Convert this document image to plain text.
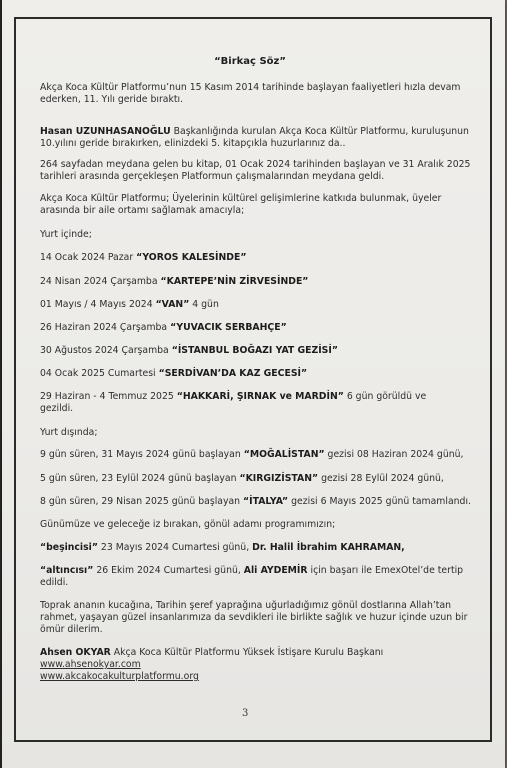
“Birkaç Söz”

Akça Koca Kültür Platformu’nun 15 Kasım 2014 tarihinde başlayan faaliyetleri hızla devam ederken, 11. Yılı geride bıraktı.

Hasan UZUNHASANOĞLU Başkanlığında kurulan Akça Koca Kültür Platformu, kuruluşunun 10.yılını geride bırakırken, elinizdeki 5. kitapçıkla huzurlarınız da..

264 sayfadan meydana gelen bu kitap, 01 Ocak 2024 tarihinden başlayan ve 31 Aralık 2025 tarihleri arasında gerçekleşen Platformun çalışmalarından meydana geldi.

Akça Koca Kültür Platformu; Üyelerinin kültürel gelişimlerine katkıda bulunmak, üyeler arasında bir aile ortamı sağlamak amacıyla;

Yurt içinde;

14 Ocak 2024 Pazar “YOROS KALESİNDE”

24 Nisan 2024 Çarşamba “KARTEPE’NİN ZİRVESİNDE”

01 Mayıs / 4 Mayıs 2024 “VAN” 4 gün

26 Haziran 2024 Çarşamba “YUVACIK SERBAHÇE”

30 Ağustos 2024 Çarşamba “İSTANBUL BOĞAZI YAT GEZİSİ”

04 Ocak 2025 Cumartesi “SERDİVAN’DA KAZ GECESİ”

29 Haziran - 4 Temmuz 2025 “HAKKARİ, ŞIRNAK ve MARDİN” 6 gün görüldü ve gezildi.

Yurt dışında;

9 gün süren, 31 Mayıs 2024 günü başlayan “MOĞALİSTAN” gezisi 08 Haziran 2024 günü,

5 gün süren, 23 Eylül 2024 günü başlayan “KIRGIZİSTAN” gezisi 28 Eylül 2024 günü,

8 gün süren, 29 Nisan 2025 günü başlayan “İTALYA” gezisi 6 Mayıs 2025 günü tamamlandı.

Günümüze ve geleceğe iz bırakan, gönül adamı programımızın;

“beşincisi” 23 Mayıs 2024 Cumartesi günü, Dr. Halil İbrahim KAHRAMAN,

“altıncısı” 26 Ekim 2024 Cumartesi günü, Ali AYDEMİR için başarı ile EmexOtel’de tertip edildi.

Toprak ananın kucağına, Tarihin şeref yaprağına uğurladığımız gönül dostlarına Allah’tan rahmet, yaşayan güzel insanlarımıza da sevdikleri ile birlikte sağlık ve huzur içinde uzun bir ömür dilerim.

Ahsen OKYAR Akça Koca Kültür Platformu Yüksek İstişare Kurulu Başkanı

www.ahsenokyar.com

www.akcakocakulturplatformu.org

3
